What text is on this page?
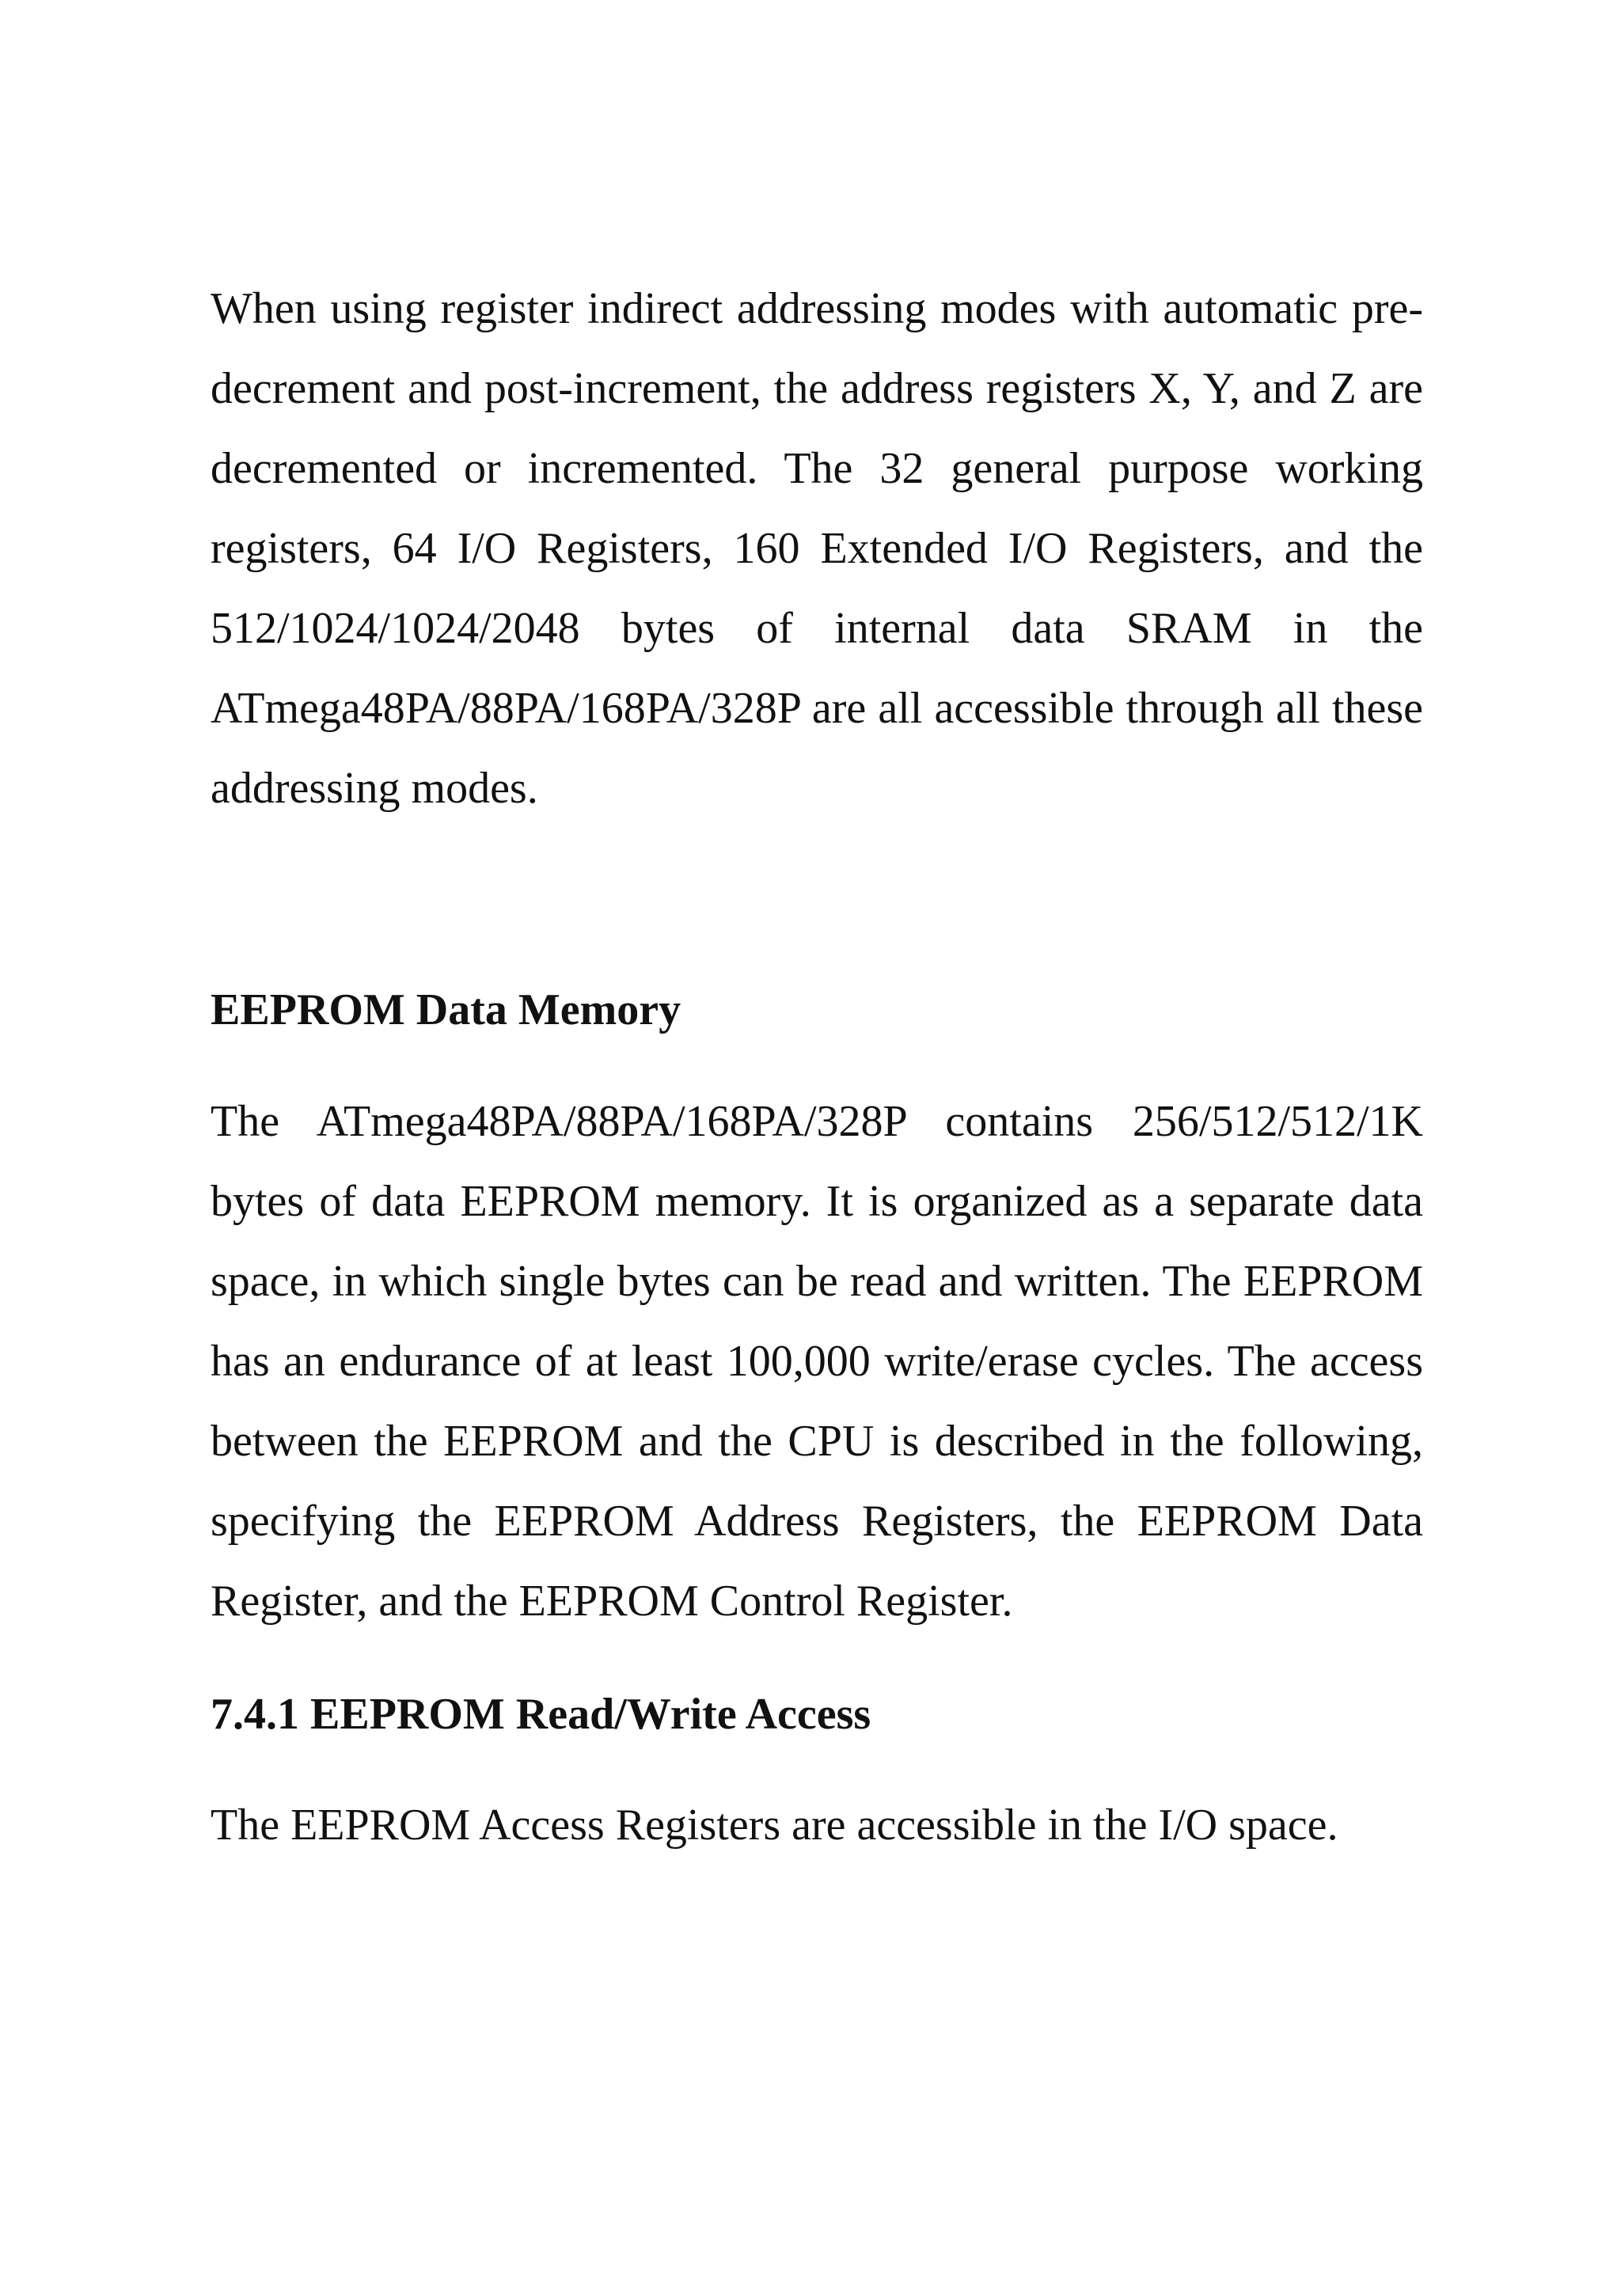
When using register indirect addressing modes with automatic pre-decrement and post-increment, the address registers X, Y, and Z are decremented or incremented. The 32 general purpose working registers, 64 I/O Registers, 160 Extended I/O Registers, and the 512/1024/1024/2048 bytes of internal data SRAM in the ATmega48PA/88PA/168PA/328P are all accessible through all these addressing modes.

EEPROM Data Memory

The ATmega48PA/88PA/168PA/328P contains 256/512/512/1K bytes of data EEPROM memory. It is organized as a separate data space, in which single bytes can be read and written. The EEPROM has an endurance of at least 100,000 write/erase cycles. The access between the EEPROM and the CPU is described in the following, specifying the EEPROM Address Registers, the EEPROM Data Register, and the EEPROM Control Register.

7.4.1 EEPROM Read/Write Access

The EEPROM Access Registers are accessible in the I/O space.
